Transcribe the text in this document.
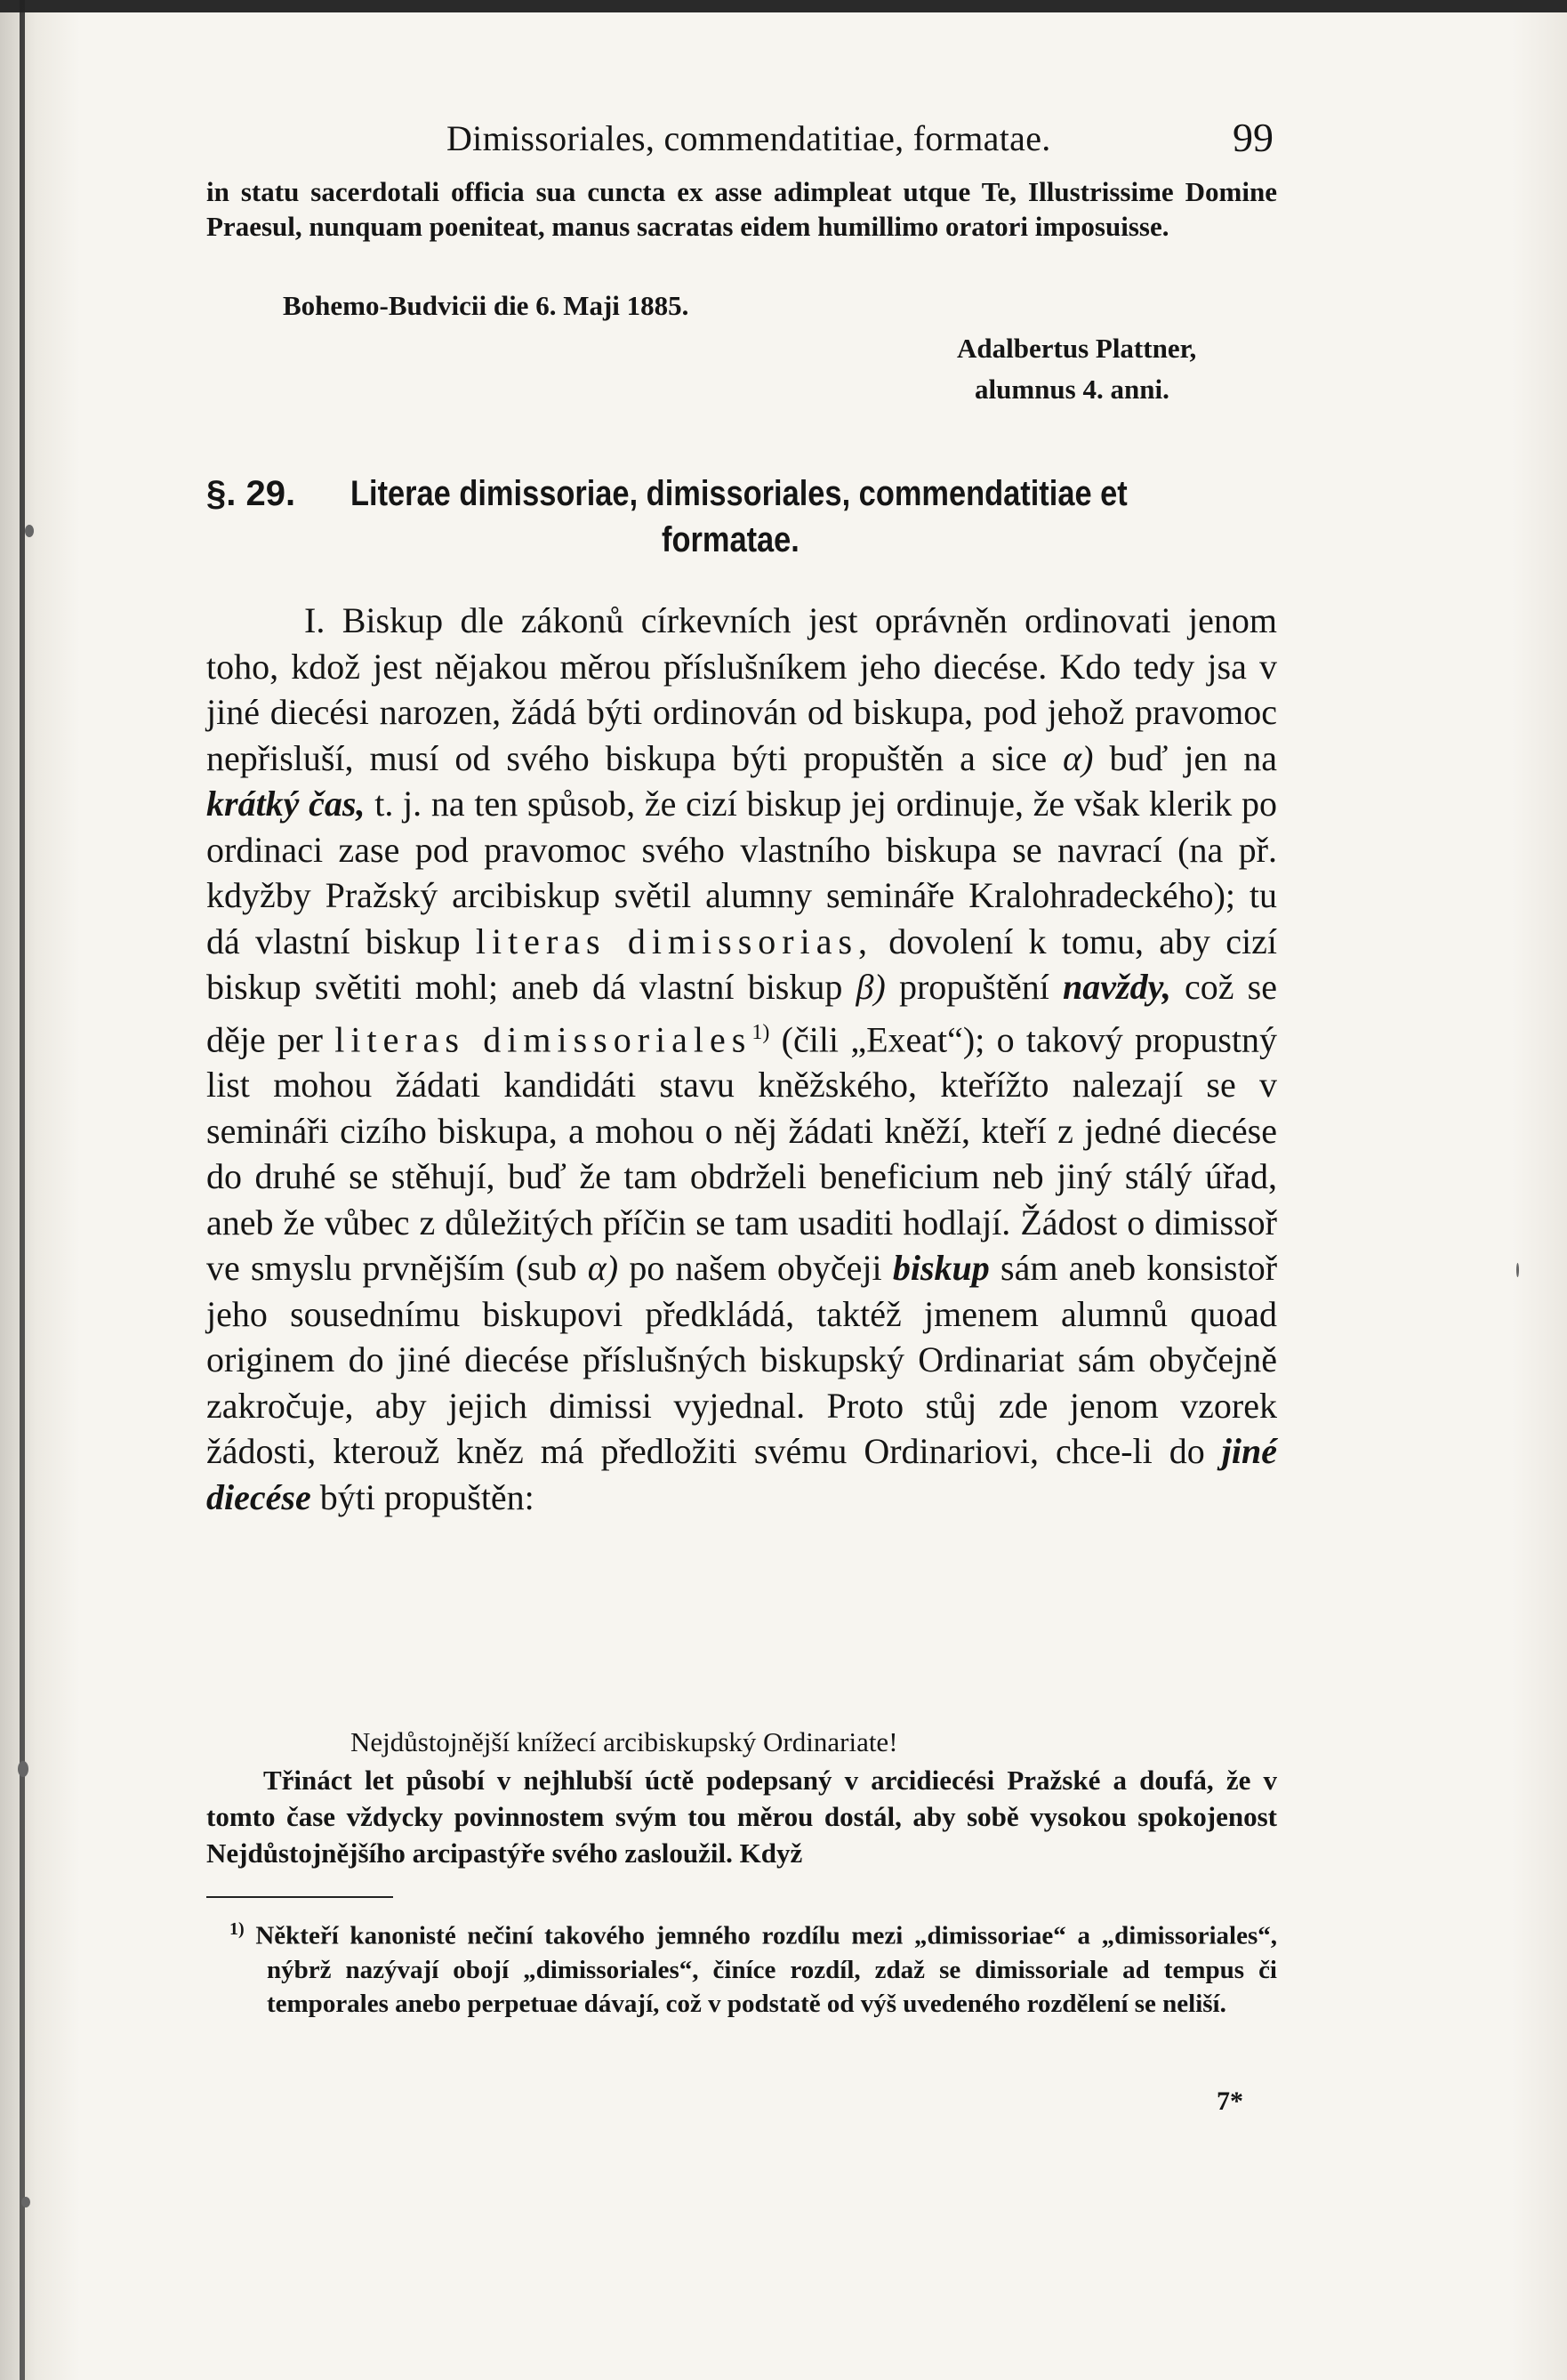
Dimissoriales, commendatitiae, formatae.	99

in statu sacerdotali officia sua cuncta ex asse adimpleat utque Te, Illustrissime Domine Praesul, nunquam poeniteat, manus sacratas eidem humillimo oratori imposuisse.

Bohemo-Budvicii die 6. Maji 1885.
Adalbertus Plattner,
alumnus 4. anni.
§. 29. Literae dimissoriae, dimissoriales, commendatitiae et
formatae.

I. Biskup dle zákonů církevních jest oprávněn ordinovati jenom toho, kdož jest nějakou měrou příslušníkem jeho diecése. Kdo tedy jsa v jiné diecési narozen, žádá býti ordinován od biskupa, pod jehož pravomoc nepřisluší, musí od svého biskupa býti propuštěn a sice α) buď jen na krátký čas, t. j. na ten spůsob, že cizí biskup jej ordinuje, že však klerik po ordinaci zase pod pravomoc svého vlastního biskupa se navrací (na př. kdyžby Pražský arcibiskup světil alumny semináře Kralohradeckého); tu dá vlastní biskup literas dimissorias, dovolení k tomu, aby cizí biskup světiti mohl; aneb dá vlastní biskup β) propuštění navždy, což se děje per literas dimissoriales$^{1)}$ (čili „Exeat“); o takový propustný list mohou žádati kandidáti stavu kněžského, kteřížto nalezají se v semináři cizího biskupa, a mohou o něj žádati kněží, kteří z jedné diecése do druhé se stěhují, buď že tam obdrželi beneficium neb jiný stálý úřad, aneb že vůbec z důležitých příčin se tam usaditi hodlají. Žádost o dimissoř ve smyslu prvnějším (sub α) po našem obyčeji biskup sám aneb konsistoř jeho sousednímu biskupovi předkládá, taktéž jmenem alumnů quoad originem do jiné diecése příslušných biskupský Ordinariat sám obyčejně zakročuje, aby jejich dimissi vyjednal. Proto stůj zde jenom vzorek žádosti, kterouž kněz má předložiti svému Ordinariovi, chce-li do jiné diecése býti propuštěn:

Nejdůstojnější knížecí arcibiskupský Ordinariate!

Třináct let působí v nejhlubší úctě podepsaný v arcidiecési Pražské a doufá, že v tomto čase vždycky povinnostem svým tou měrou dostál, aby sobě vysokou spokojenost Nejdůstojnějšího arcipastýře svého zasloužil. Když

$^{1)}$ Někteří kanonisté nečiní takového jemného rozdílu mezi „dimissoriae“ a „dimissoriales“, nýbrž nazývají obojí „dimissoriales“, činíce rozdíl, zdaž se dimissoriale ad tempus či temporales anebo perpetuae dávají, což v podstatě od výš uvedeného rozdělení se neliší.

7*
